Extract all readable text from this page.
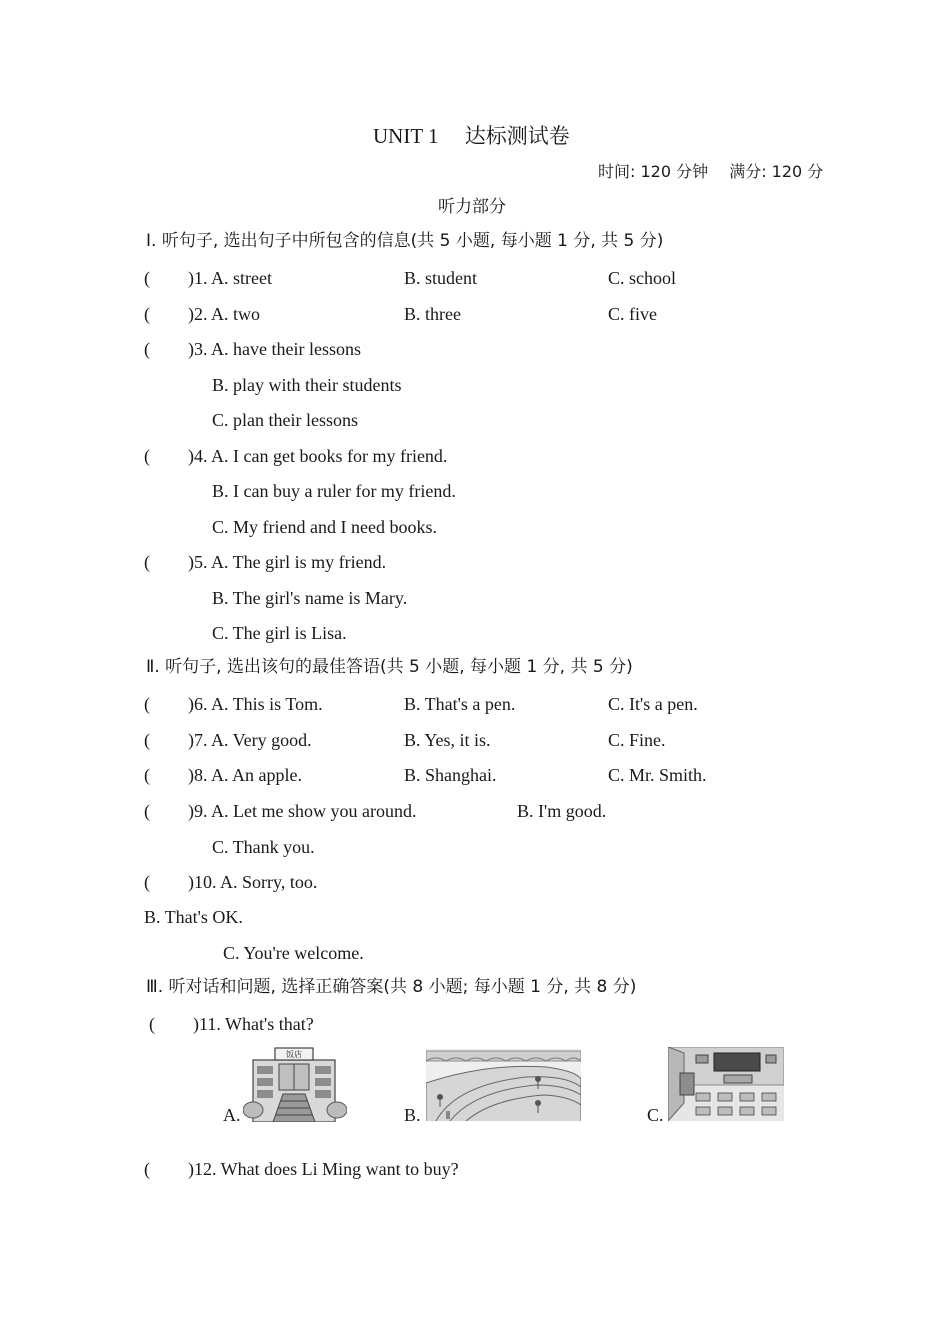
UNIT 1　 达标测试卷
时间: 120 分钟　 满分: 120 分
听力部分
Ⅰ. 听句子, 选出句子中所包含的信息(共 5 小题, 每小题 1 分, 共 5 分)
( )1. A. street	B. student	C. school
( )2. A. two	B. three	C. five
( )3. A. have their lessons
B. play with their students
C. plan their lessons
( )4. A. I can get books for my friend.
B. I can buy a ruler for my friend.
C. My friend and I need books.
( )5. A. The girl is my friend.
B. The girl's name is Mary.
C. The girl is Lisa.
Ⅱ. 听句子, 选出该句的最佳答语(共 5 小题, 每小题 1 分, 共 5 分)
( )6. A. This is Tom.	B. That's a pen.	C. It's a pen.
( )7. A. Very good.	B. Yes, it is.	C. Fine.
( )8. A. An apple.	B. Shanghai.	C. Mr. Smith.
( )9. A. Let me show you around.	B. I'm good.
C. Thank you.
( )10. A. Sorry, too.
B. That's OK.
C. You're welcome.
Ⅲ. 听对话和问题, 选择正确答案(共 8 小题; 每小题 1 分, 共 8 分)
( )11. What's that?
A.	B.	C.
饭店
( )12. What does Li Ming want to buy?
